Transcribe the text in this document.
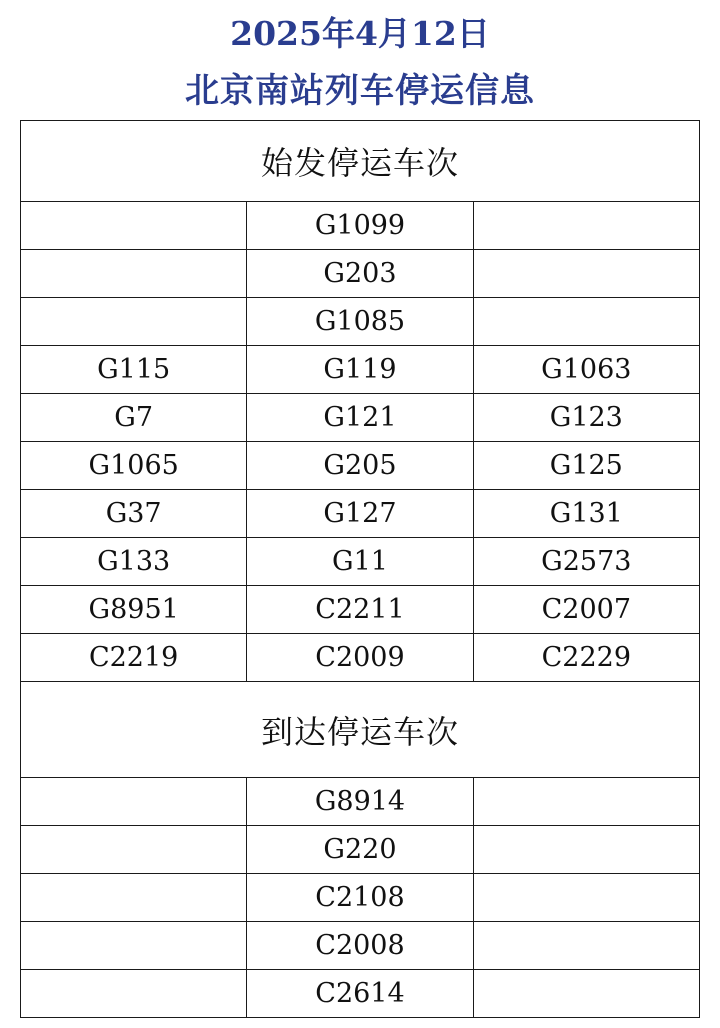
2025年4月12日
北京南站列车停运信息
始发停运车次		
	G1099	
	G203	
	G1085	
G115	G119	G1063
G7	G121	G123
G1065	G205	G125
G37	G127	G131
G133	G11	G2573
G8951	C2211	C2007
C2219	C2009	C2229
到达停运车次		
	G8914	
	G220	
	C2108	
	C2008	
	C2614	
